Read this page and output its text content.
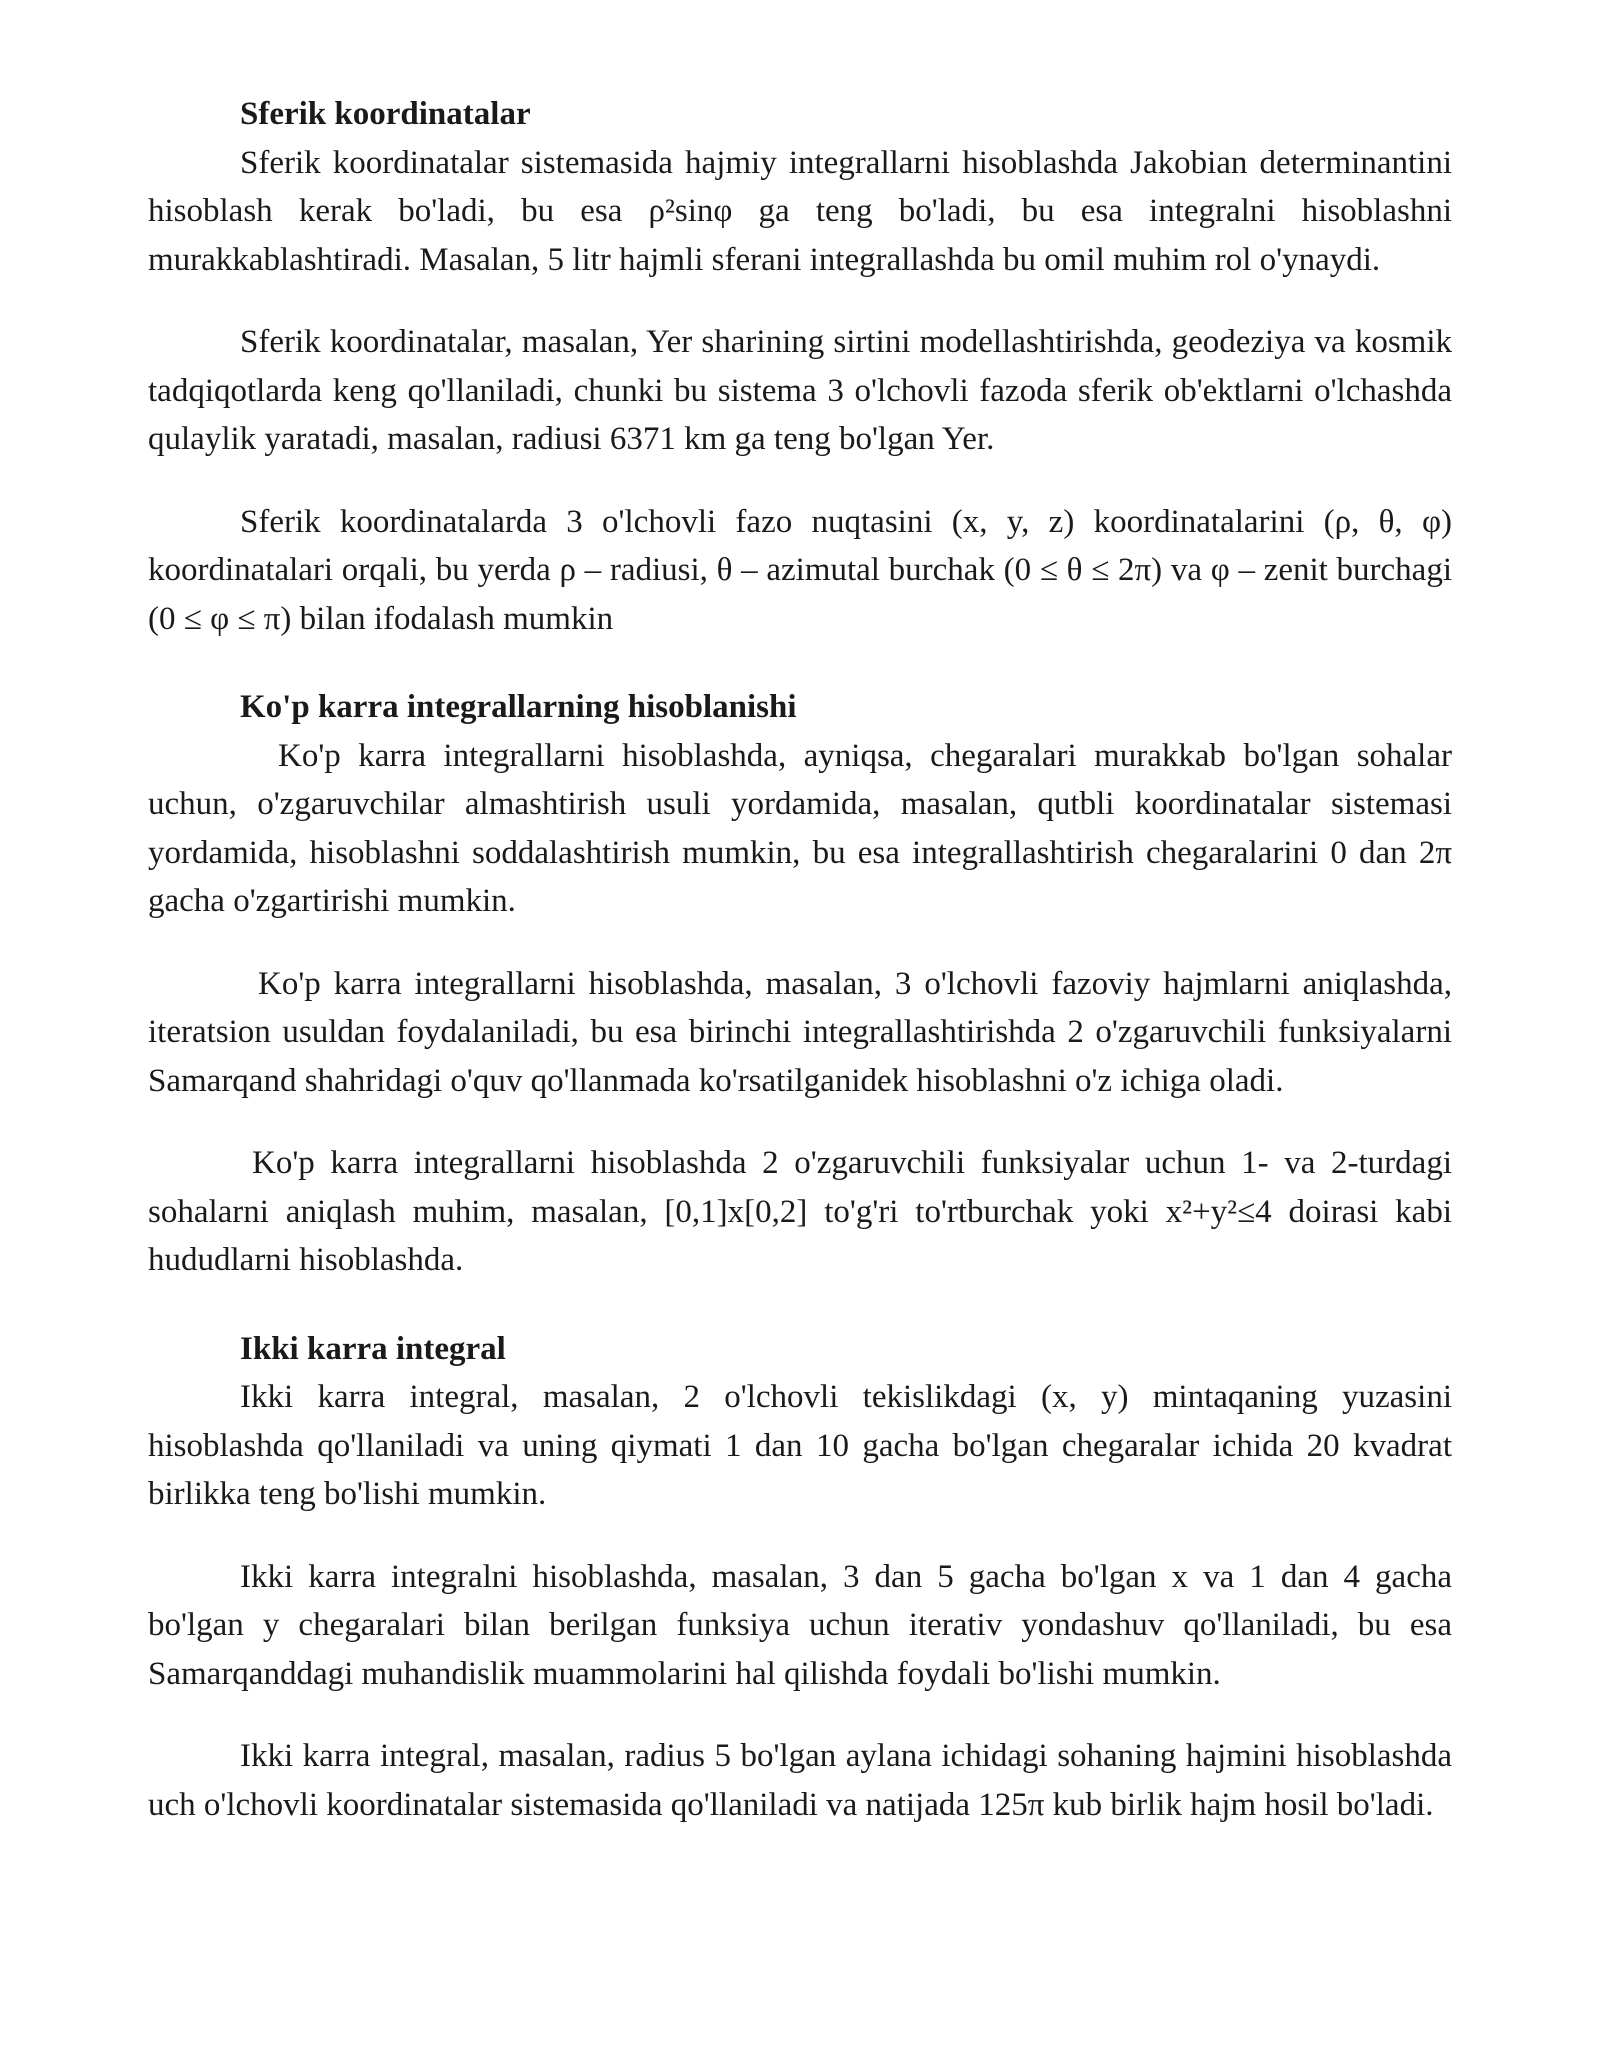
Sferik koordinatalar

Sferik koordinatalar sistemasida hajmiy integrallarni hisoblashda Jakobian determinantini hisoblash kerak bo'ladi, bu esa ρ²sinφ ga teng bo'ladi, bu esa integralni hisoblashni murakkablashtiradi. Masalan, 5 litr hajmli sferani integrallashda bu omil muhim rol o'ynaydi.

Sferik koordinatalar, masalan, Yer sharining sirtini modellashtirishda, geodeziya va kosmik tadqiqotlarda keng qo'llaniladi, chunki bu sistema 3 o'lchovli fazoda sferik ob'ektlarni o'lchashda qulaylik yaratadi, masalan, radiusi 6371 km ga teng bo'lgan Yer.

Sferik koordinatalarda 3 o'lchovli fazo nuqtasini (x, y, z) koordinatalarini (ρ, θ, φ) koordinatalari orqali, bu yerda ρ – radiusi, θ – azimutal burchak (0 ≤ θ ≤ 2π) va φ – zenit burchagi (0 ≤ φ ≤ π) bilan ifodalash mumkin

Ko'p karra integrallarning hisoblanishi

Ko'p karra integrallarni hisoblashda, ayniqsa, chegaralari murakkab bo'lgan sohalar uchun, o'zgaruvchilar almashtirish usuli yordamida, masalan, qutbli koordinatalar sistemasi yordamida, hisoblashni soddalashtirish mumkin, bu esa integrallashtirish chegaralarini 0 dan 2π gacha o'zgartirishi mumkin.

Ko'p karra integrallarni hisoblashda, masalan, 3 o'lchovli fazoviy hajmlarni aniqlashda, iteratsion usuldan foydalaniladi, bu esa birinchi integrallashtirishda 2 o'zgaruvchili funksiyalarni Samarqand shahridagi o'quv qo'llanmada ko'rsatilganidek hisoblashni o'z ichiga oladi.

Ko'p karra integrallarni hisoblashda 2 o'zgaruvchili funksiyalar uchun 1- va 2-turdagi sohalarni aniqlash muhim, masalan, [0,1]x[0,2] to'g'ri to'rtburchak yoki x²+y²≤4 doirasi kabi hududlarni hisoblashda.

Ikki karra integral

Ikki karra integral, masalan, 2 o'lchovli tekislikdagi (x, y) mintaqaning yuzasini hisoblashda qo'llaniladi va uning qiymati 1 dan 10 gacha bo'lgan chegaralar ichida 20 kvadrat birlikka teng bo'lishi mumkin.

Ikki karra integralni hisoblashda, masalan, 3 dan 5 gacha bo'lgan x va 1 dan 4 gacha bo'lgan y chegaralari bilan berilgan funksiya uchun iterativ yondashuv qo'llaniladi, bu esa Samarqanddagi muhandislik muammolarini hal qilishda foydali bo'lishi mumkin.

Ikki karra integral, masalan, radius 5 bo'lgan aylana ichidagi sohaning hajmini hisoblashda uch o'lchovli koordinatalar sistemasida qo'llaniladi va natijada 125π kub birlik hajm hosil bo'ladi.
